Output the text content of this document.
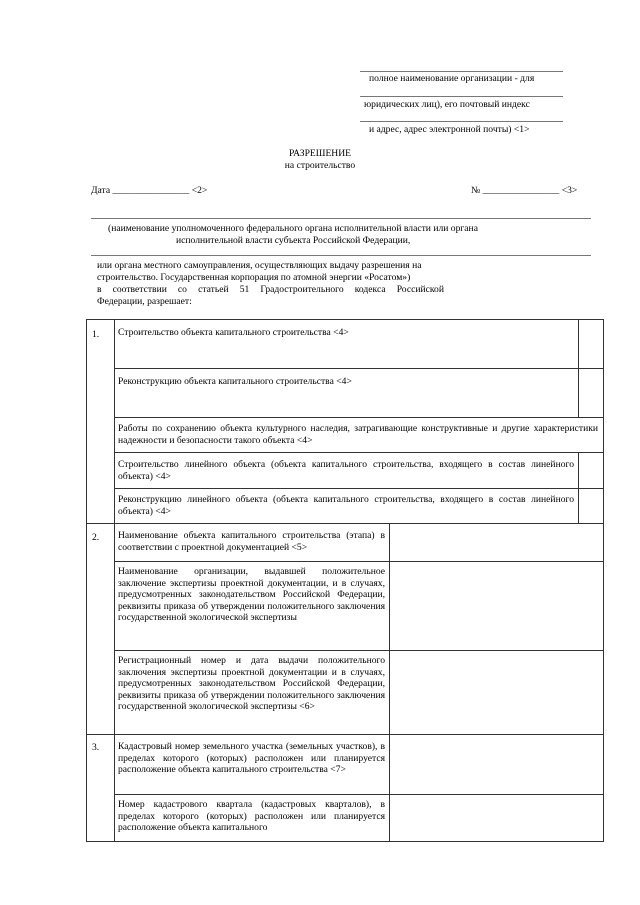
полное наименование организации - для
юридических лиц), его почтовый индекс
и адрес, адрес электронной почты) <1>
РАЗРЕШЕНИЕ
на строительство
Дата ________________ <2>	№ ________________ <3>
(наименование уполномоченного федерального органа исполнительной власти или органа
исполнительной власти субъекта Российской Федерации,
или органа местного самоуправления, осуществляющих выдачу разрешения на
строительство. Государственная корпорация по атомной энергии «Росатом»)
в соответствии со статьей 51 Градостроительного кодекса Российской
Федерации, разрешает:
1.
2.
3.
Строительство объекта капитального строительства <4>
Реконструкцию объекта капитального строительства <4>
Работы по сохранению объекта культурного наследия, затрагивающие конструктивные и другие характеристики надежности и безопасности такого объекта <4>
Строительство линейного объекта (объекта капитального строительства, входящего в состав линейного объекта) <4>
Реконструкцию линейного объекта (объекта капитального строительства, входящего в состав линейного объекта) <4>
Наименование объекта капитального строительства (этапа) в соответствии с проектной документацией <5>
Наименование организации, выдавшей положительное заключение экспертизы проектной документации, и в случаях, предусмотренных законодательством Российской Федерации, реквизиты приказа об утверждении положительного заключения государственной экологической экспертизы
Регистрационный номер и дата выдачи положительного заключения экспертизы проектной документации и в случаях, предусмотренных законодательством Российской Федерации, реквизиты приказа об утверждении положительного заключения государственной экологической экспертизы <6>
Кадастровый номер земельного участка (земельных участков), в пределах которого (которых) расположен или планируется расположение объекта капитального строительства <7>
Номер кадастрового квартала (кадастровых кварталов), в пределах которого (которых) расположен или планируется расположение объекта капитального
